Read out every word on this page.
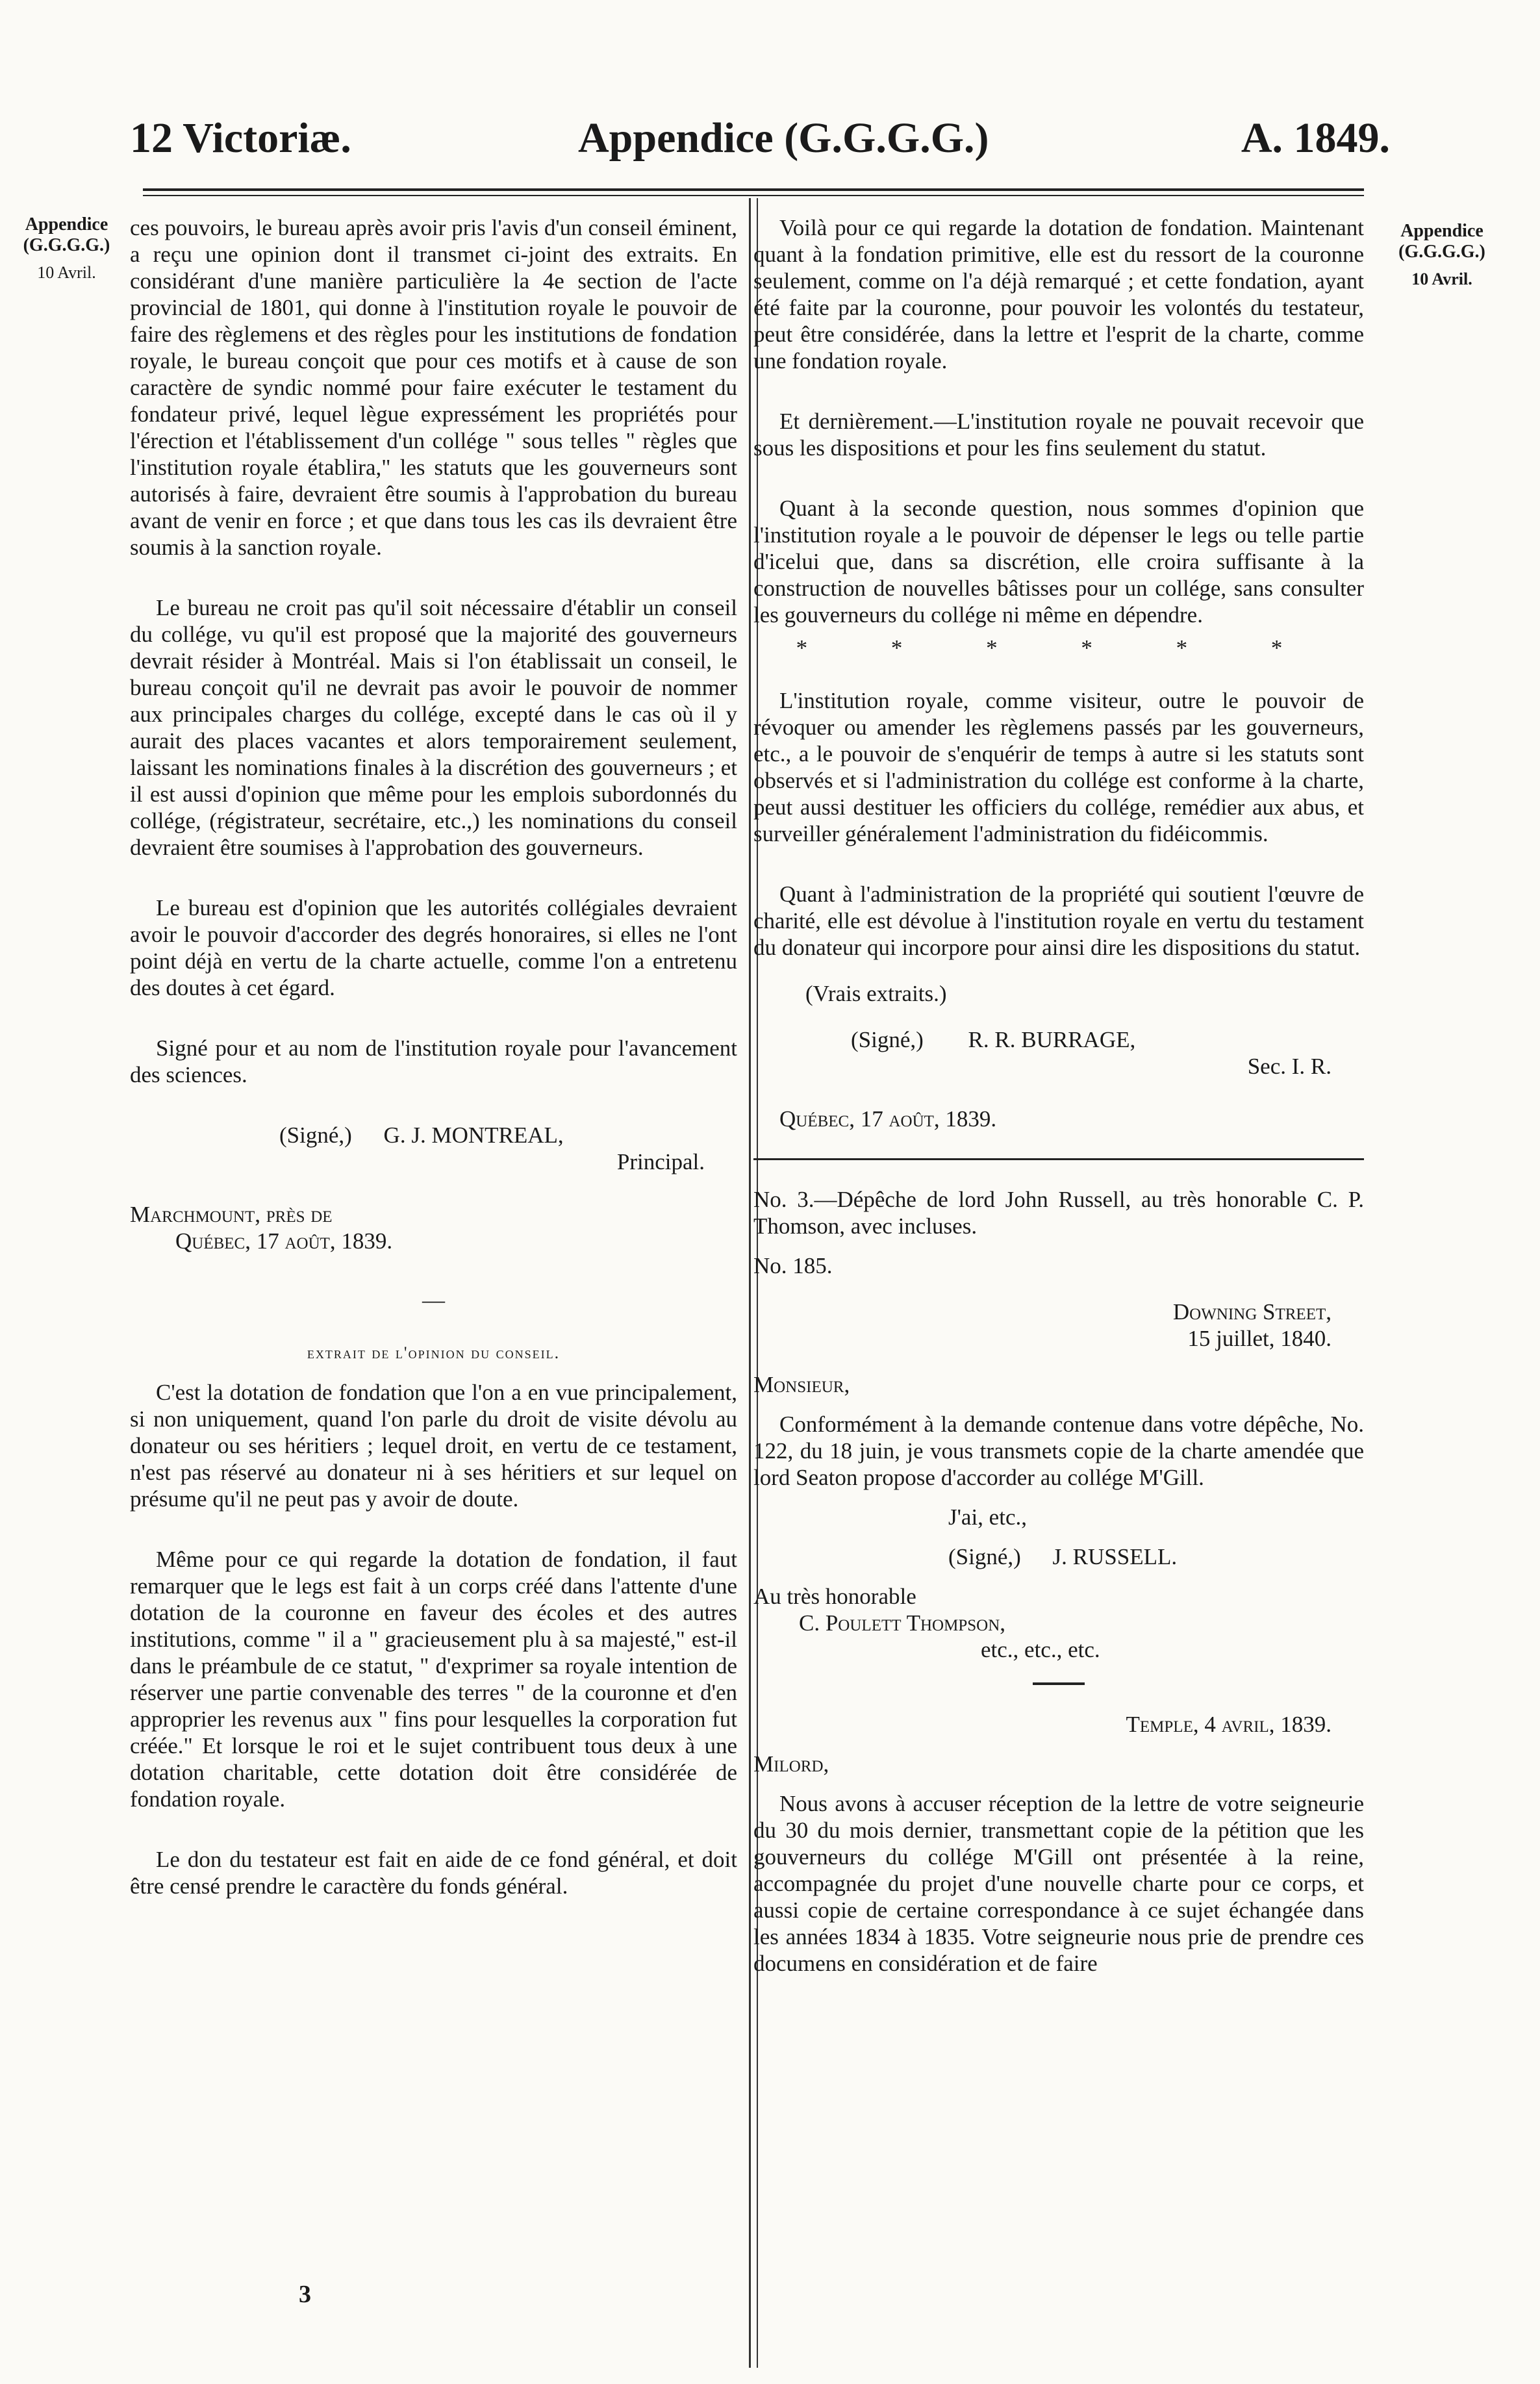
12 Victoriæ.	Appendice (G.G.G.G.)	A. 1849.
Appendice (G.G.G.G.)
10 Avril.
Appendice (G.G.G.G.)
10 Avril.

ces pouvoirs, le bureau après avoir pris l'avis d'un conseil éminent, a reçu une opinion dont il transmet ci-joint des extraits. En considérant d'une manière particulière la 4e section de l'acte provincial de 1801, qui donne à l'institution royale le pouvoir de faire des règlemens et des règles pour les institutions de fondation royale, le bureau conçoit que pour ces motifs et à cause de son caractère de syndic nommé pour faire exécuter le testament du fondateur privé, lequel lègue expressément les propriétés pour l'érection et l'établissement d'un collége " sous telles " règles que l'institution royale établira," les statuts que les gouverneurs sont autorisés à faire, devraient être soumis à l'approbation du bureau avant de venir en force ; et que dans tous les cas ils devraient être soumis à la sanction royale.

Le bureau ne croit pas qu'il soit nécessaire d'établir un conseil du collége, vu qu'il est proposé que la majorité des gouverneurs devrait résider à Montréal. Mais si l'on établissait un conseil, le bureau conçoit qu'il ne devrait pas avoir le pouvoir de nommer aux principales charges du collége, excepté dans le cas où il y aurait des places vacantes et alors temporairement seulement, laissant les nominations finales à la discrétion des gouverneurs ; et il est aussi d'opinion que même pour les emplois subordonnés du collége, (régistrateur, secrétaire, etc.,) les nominations du conseil devraient être soumises à l'approbation des gouverneurs.

Le bureau est d'opinion que les autorités collégiales devraient avoir le pouvoir d'accorder des degrés honoraires, si elles ne l'ont point déjà en vertu de la charte actuelle, comme l'on a entretenu des doutes à cet égard.

Signé pour et au nom de l'institution royale pour l'avancement des sciences.

(Signé,) G. J. MONTREAL,
Principal.
Marchmount, près de
Québec, 17 août, 1839.
—
extrait de l'opinion du conseil.

C'est la dotation de fondation que l'on a en vue principalement, si non uniquement, quand l'on parle du droit de visite dévolu au donateur ou ses héritiers ; lequel droit, en vertu de ce testament, n'est pas réservé au donateur ni à ses héritiers et sur lequel on présume qu'il ne peut pas y avoir de doute.

Même pour ce qui regarde la dotation de fondation, il faut remarquer que le legs est fait à un corps créé dans l'attente d'une dotation de la couronne en faveur des écoles et des autres institutions, comme " il a " gracieusement plu à sa majesté," est-il dans le préambule de ce statut, " d'exprimer sa royale intention de réserver une partie convenable des terres " de la couronne et d'en approprier les revenus aux " fins pour lesquelles la corporation fut créée." Et lorsque le roi et le sujet contribuent tous deux à une dotation charitable, cette dotation doit être considérée de fondation royale.

Le don du testateur est fait en aide de ce fond général, et doit être censé prendre le caractère du fonds général.

3

Voilà pour ce qui regarde la dotation de fondation. Maintenant quant à la fondation primitive, elle est du ressort de la couronne seulement, comme on l'a déjà remarqué ; et cette fondation, ayant été faite par la couronne, pour pouvoir les volontés du testateur, peut être considérée, dans la lettre et l'esprit de la charte, comme une fondation royale.

Et dernièrement.—L'institution royale ne pouvait recevoir que sous les dispositions et pour les fins seulement du statut.

Quant à la seconde question, nous sommes d'opinion que l'institution royale a le pouvoir de dépenser le legs ou telle partie d'icelui que, dans sa discrétion, elle croira suffisante à la construction de nouvelles bâtisses pour un collége, sans consulter les gouverneurs du collége ni même en dépendre.

* * * * * *

L'institution royale, comme visiteur, outre le pouvoir de révoquer ou amender les règlemens passés par les gouverneurs, etc., a le pouvoir de s'enquérir de temps à autre si les statuts sont observés et si l'administration du collége est conforme à la charte, peut aussi destituer les officiers du collége, remédier aux abus, et surveiller généralement l'administration du fidéicommis.

Quant à l'administration de la propriété qui soutient l'œuvre de charité, elle est dévolue à l'institution royale en vertu du testament du donateur qui incorpore pour ainsi dire les dispositions du statut.

(Vrais extraits.)
(Signé,) R. R. BURRAGE,
Sec. I. R.
Québec, 17 août, 1839.

No. 3.—Dépêche de lord John Russell, au très honorable C. P. Thomson, avec incluses.

No. 185.
Downing Street,
15 juillet, 1840.
Monsieur,

Conformément à la demande contenue dans votre dépêche, No. 122, du 18 juin, je vous transmets copie de la charte amendée que lord Seaton propose d'accorder au collége M'Gill.

J'ai, etc.,
(Signé,) J. RUSSELL.
Au très honorable
C. Poulett Thompson,
etc., etc., etc.
Temple, 4 avril, 1839.
Milord,

Nous avons à accuser réception de la lettre de votre seigneurie du 30 du mois dernier, transmettant copie de la pétition que les gouverneurs du collége M'Gill ont présentée à la reine, accompagnée du projet d'une nouvelle charte pour ce corps, et aussi copie de certaine correspondance à ce sujet échangée dans les années 1834 à 1835. Votre seigneurie nous prie de prendre ces documens en considération et de faire
